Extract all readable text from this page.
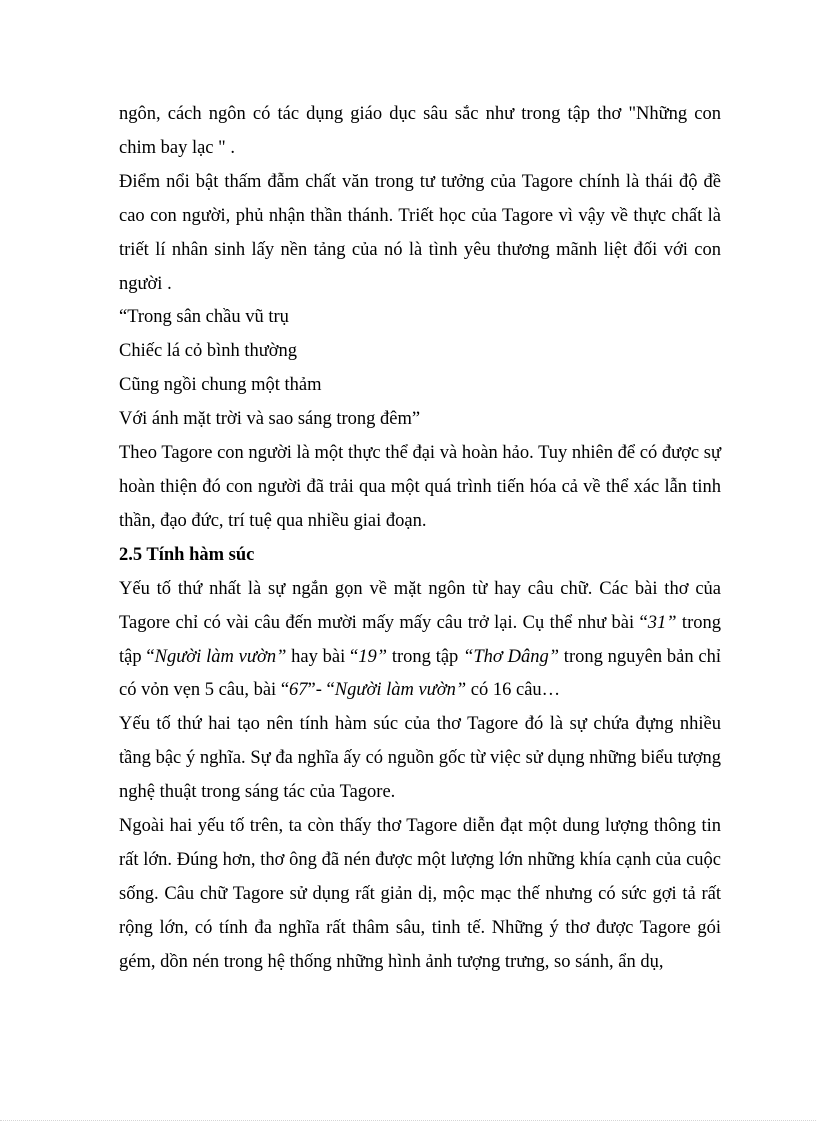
ngôn, cách ngôn có tác dụng giáo dục sâu sắc như trong tập thơ "Những con chim bay lạc " .

Điểm nổi bật thấm đẫm chất văn trong tư tưởng của Tagore chính là thái độ đề cao con người, phủ nhận thần thánh. Triết học của Tagore vì vậy về thực chất là triết lí nhân sinh lấy nền tảng của nó là tình yêu thương mãnh liệt đối với con người .

“Trong sân chầu vũ trụ

Chiếc lá cỏ bình thường

Cũng ngồi chung một thảm

Với ánh mặt trời và sao sáng trong đêm”

Theo Tagore con người là một thực thể đại và hoàn hảo. Tuy nhiên để có được sự hoàn thiện đó con người đã trải qua một quá trình tiến hóa cả về thể xác lẫn tinh thần, đạo đức, trí tuệ qua nhiều giai đoạn.

2.5 Tính hàm súc

Yếu tố thứ nhất là sự ngắn gọn về mặt ngôn từ hay câu chữ. Các bài thơ của Tagore chỉ có vài câu đến mười mấy mấy câu trở lại. Cụ thể như bài “31” trong tập “Người làm vườn” hay bài “19” trong tập “Thơ Dâng” trong nguyên bản chỉ có vỏn vẹn 5 câu, bài “67”- “Người làm vườn” có 16 câu…

Yếu tố thứ hai tạo nên tính hàm súc của thơ Tagore đó là sự chứa đựng nhiều tầng bậc ý nghĩa. Sự đa nghĩa ấy có nguồn gốc từ việc sử dụng những biểu tượng nghệ thuật trong sáng tác của Tagore.

Ngoài hai yếu tố trên, ta còn thấy thơ Tagore diễn đạt một dung lượng thông tin rất lớn. Đúng hơn, thơ ông đã nén được một lượng lớn những khía cạnh của cuộc sống. Câu chữ Tagore sử dụng rất giản dị, mộc mạc thế nhưng có sức gợi tả rất rộng lớn, có tính đa nghĩa rất thâm sâu, tinh tế. Những ý thơ được Tagore gói gém, dồn nén trong hệ thống những hình ảnh tượng trưng, so sánh, ẩn dụ,
